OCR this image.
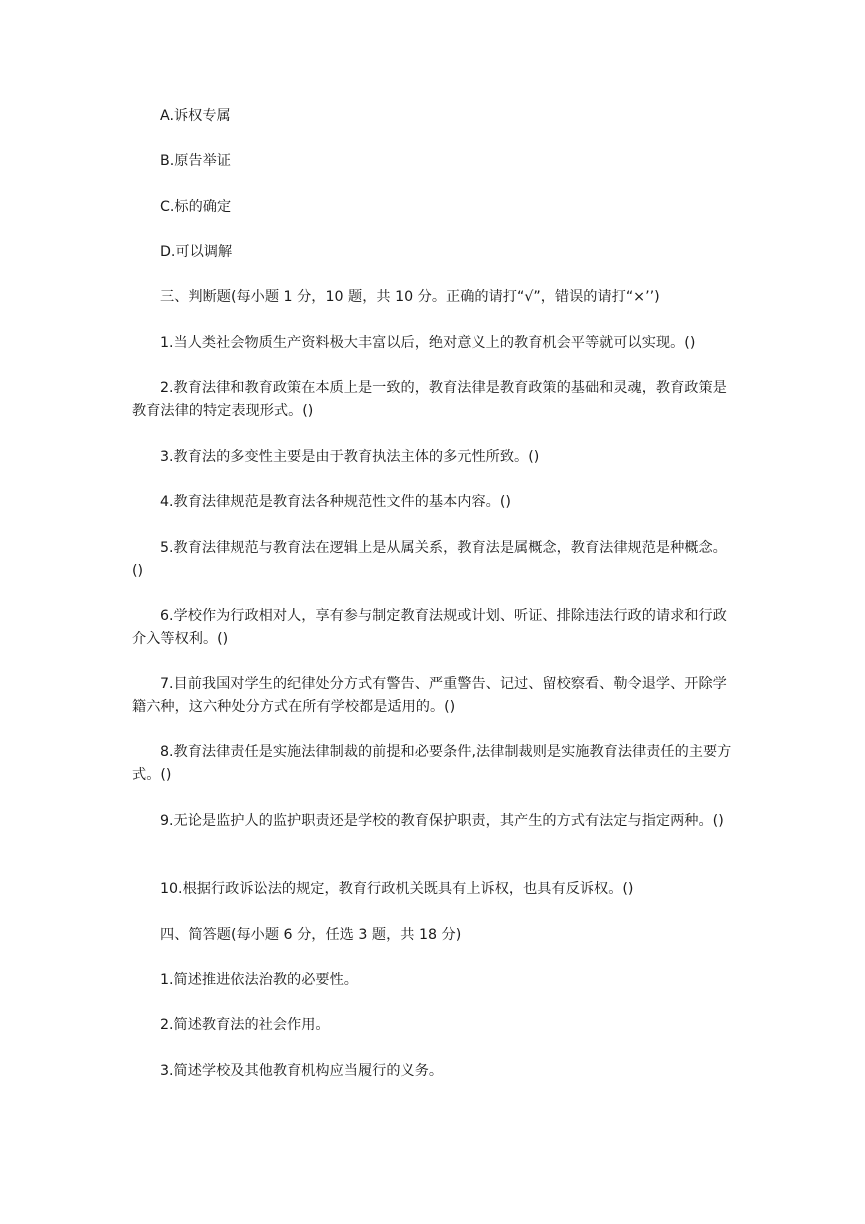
A.诉权专属

B.原告举证

C.标的确定

D.可以调解

三、判断题(每小题 1 分，10 题，共 10 分。正确的请打“√”，错误的请打“×’’)

1.当人类社会物质生产资料极大丰富以后，绝对意义上的教育机会平等就可以实现。()

2.教育法律和教育政策在本质上是一致的，教育法律是教育政策的基础和灵魂，教育政策是教育法律的特定表现形式。()

3.教育法的多变性主要是由于教育执法主体的多元性所致。()

4.教育法律规范是教育法各种规范性文件的基本内容。()

5.教育法律规范与教育法在逻辑上是从属关系，教育法是属概念，教育法律规范是种概念。()

6.学校作为行政相对人，享有参与制定教育法规或计划、听证、排除违法行政的请求和行政介入等权利。()

7.目前我国对学生的纪律处分方式有警告、严重警告、记过、留校察看、勒令退学、开除学籍六种，这六种处分方式在所有学校都是适用的。()

8.教育法律责任是实施法律制裁的前提和必要条件,法律制裁则是实施教育法律责任的主要方式。()

9.无论是监护人的监护职责还是学校的教育保护职责，其产生的方式有法定与指定两种。()

10.根据行政诉讼法的规定，教育行政机关既具有上诉权，也具有反诉权。()

四、简答题(每小题 6 分，任选 3 题，共 18 分)

1.简述推进依法治教的必要性。

2.简述教育法的社会作用。

3.简述学校及其他教育机构应当履行的义务。
